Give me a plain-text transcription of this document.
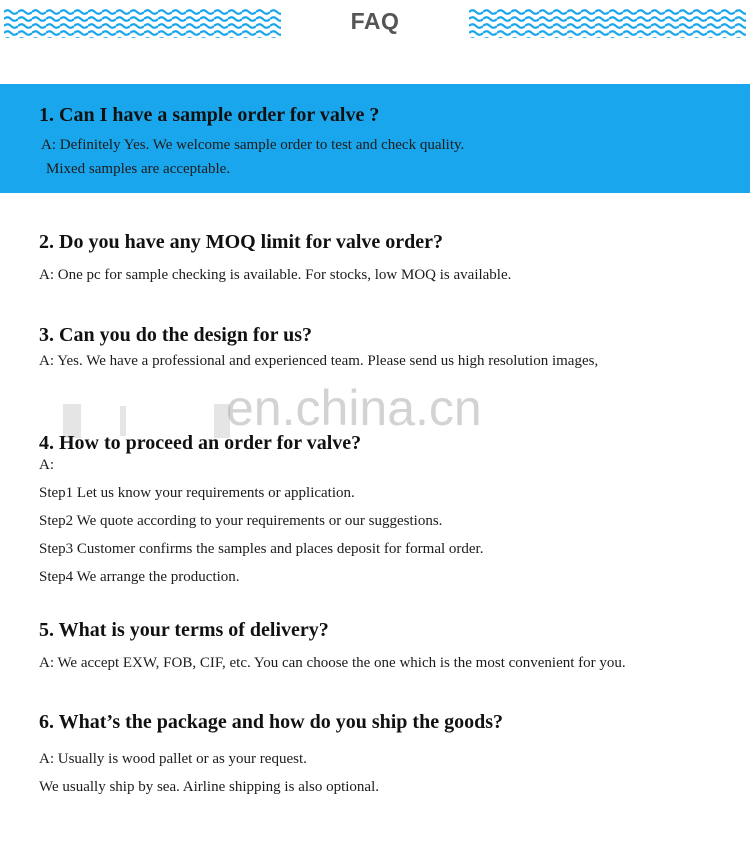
FAQ
1. Can I have a sample order for valve ?

A: Definitely Yes. We welcome sample order to test and check quality.

Mixed samples are acceptable.

2. Do you have any MOQ limit for valve order?

A: One pc for sample checking is available. For stocks, low MOQ is available.

3. Can you do the design for us?

A: Yes. We have a professional and experienced team. Please send us high resolution images,

en.china.cn
4. How to proceed an order for valve?

A:

Step1 Let us know your requirements or application.

Step2 We quote according to your requirements or our suggestions.

Step3 Customer confirms the samples and places deposit for formal order.

Step4 We arrange the production.

5. What is your terms of delivery?

A: We accept EXW, FOB, CIF, etc. You can choose the one which is the most convenient for you.

6. What’s the package and how do you ship the goods?

A: Usually is wood pallet or as your request.

We usually ship by sea. Airline shipping is also optional.
